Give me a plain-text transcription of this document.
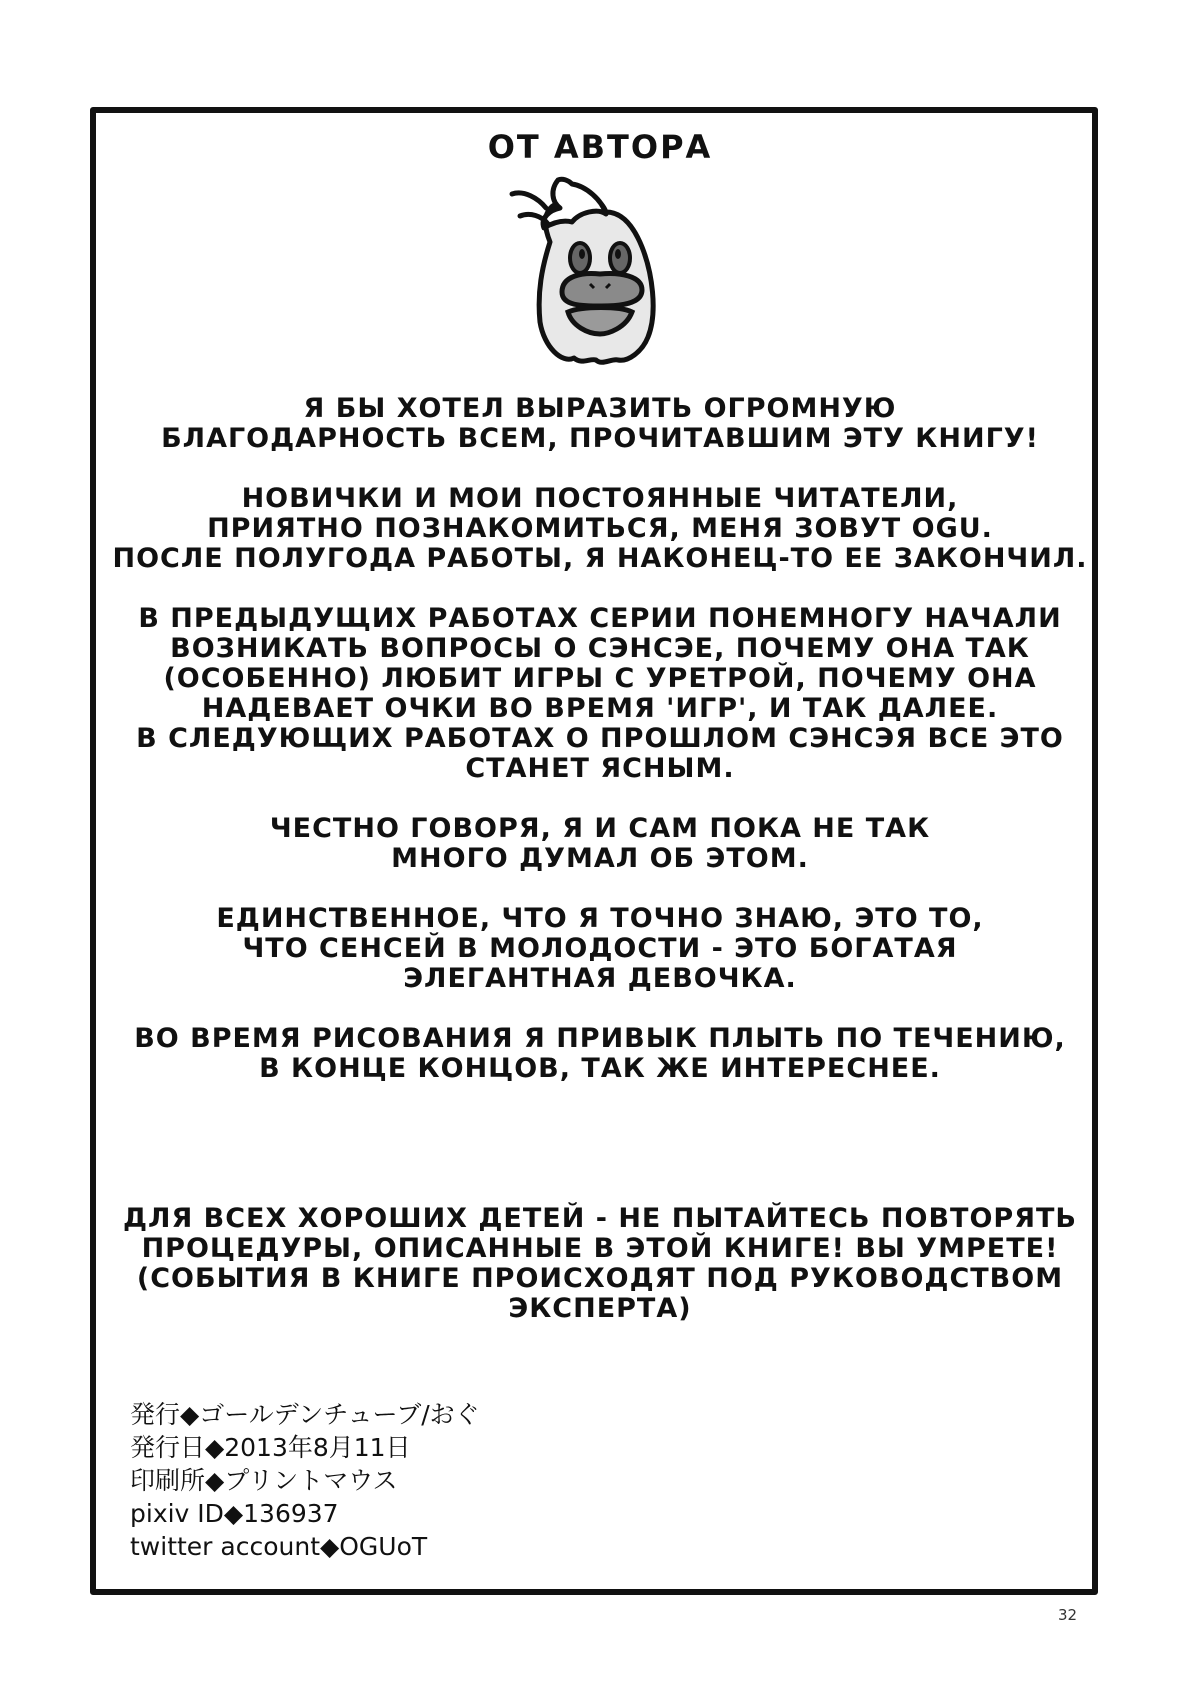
ОТ АВТОРА
Я БЫ ХОТЕЛ ВЫРАЗИТЬ ОГРОМНУЮ
БЛАГОДАРНОСТЬ ВСЕМ, ПРОЧИТАВШИМ ЭТУ КНИГУ!
НОВИЧКИ И МОИ ПОСТОЯННЫЕ ЧИТАТЕЛИ,
ПРИЯТНО ПОЗНАКОМИТЬСЯ, МЕНЯ ЗОВУТ OGU.
ПОСЛЕ ПОЛУГОДА РАБОТЫ, Я НАКОНЕЦ-ТО ЕЕ ЗАКОНЧИЛ.
В ПРЕДЫДУЩИХ РАБОТАХ СЕРИИ ПОНЕМНОГУ НАЧАЛИ
ВОЗНИКАТЬ ВОПРОСЫ О СЭНСЭЕ, ПОЧЕМУ ОНА ТАК
(ОСОБЕННО) ЛЮБИТ ИГРЫ С УРЕТРОЙ, ПОЧЕМУ ОНА
НАДЕВАЕТ ОЧКИ ВО ВРЕМЯ 'ИГР', И ТАК ДАЛЕЕ.
В СЛЕДУЮЩИХ РАБОТАХ О ПРОШЛОМ СЭНСЭЯ ВСЕ ЭТО
СТАНЕТ ЯСНЫМ.
ЧЕСТНО ГОВОРЯ, Я И САМ ПОКА НЕ ТАК
МНОГО ДУМАЛ ОБ ЭТОМ.
ЕДИНСТВЕННОЕ, ЧТО Я ТОЧНО ЗНАЮ, ЭТО ТО,
ЧТО СЕНСЕЙ В МОЛОДОСТИ - ЭТО БОГАТАЯ
ЭЛЕГАНТНАЯ ДЕВОЧКА.
ВО ВРЕМЯ РИСОВАНИЯ Я ПРИВЫК ПЛЫТЬ ПО ТЕЧЕНИЮ,
В КОНЦЕ КОНЦОВ, ТАК ЖЕ ИНТЕРЕСНЕЕ.
ДЛЯ ВСЕХ ХОРОШИХ ДЕТЕЙ - НЕ ПЫТАЙТЕСЬ ПОВТОРЯТЬ
ПРОЦЕДУРЫ, ОПИСАННЫЕ В ЭТОЙ КНИГЕ! ВЫ УМРЕТЕ!
(СОБЫТИЯ В КНИГЕ ПРОИСХОДЯТ ПОД РУКОВОДСТВОМ
ЭКСПЕРТА)
発行◆ゴールデンチューブ/おぐ
発行日◆2013年8月11日
印刷所◆プリントマウス
pixiv ID◆136937
twitter account◆OGUoT
32
